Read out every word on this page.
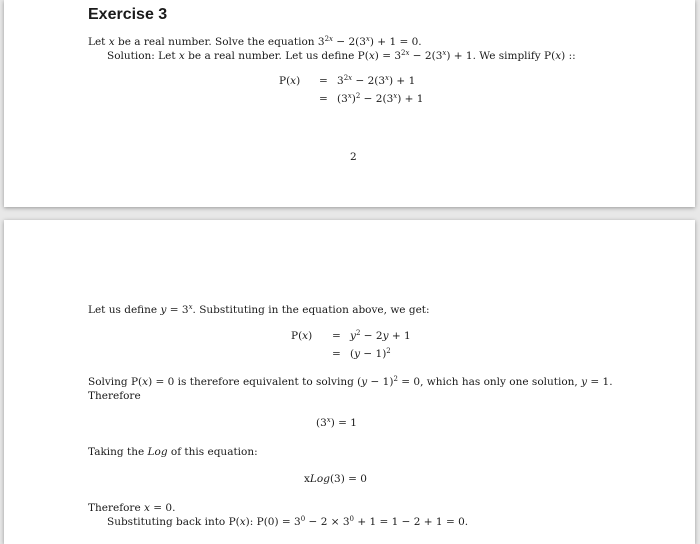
Exercise 3
Let x be a real number. Solve the equation $3^{2x} - 2(3^x) + 1 = 0$.
Solution: Let x be a real number. Let us define $P(x) = 3^{2x} - 2(3^x) + 1$. We simplify P(x) ::
$P(x) = 3^{2x} - 2(3^x) + 1$
= $(3^x)^2 - 2(3^x) + 1$
2
Let us define $y = 3^x$. Substituting in the equation above, we get:
$P(x) = y^2 - 2y + 1$
= $(y - 1)^2$
Solving P(x) = 0 is therefore equivalent to solving $(y - 1)^2 = 0$, which has only one solution, y = 1.
Therefore
$(3^x) = 1$
Taking the Log of this equation:
xLog(3) = 0
Therefore x = 0.
Substituting back into P(x): $P(0) = 3^0 - 2 \times 3^0 + 1 = 1 - 2 + 1 = 0$.
